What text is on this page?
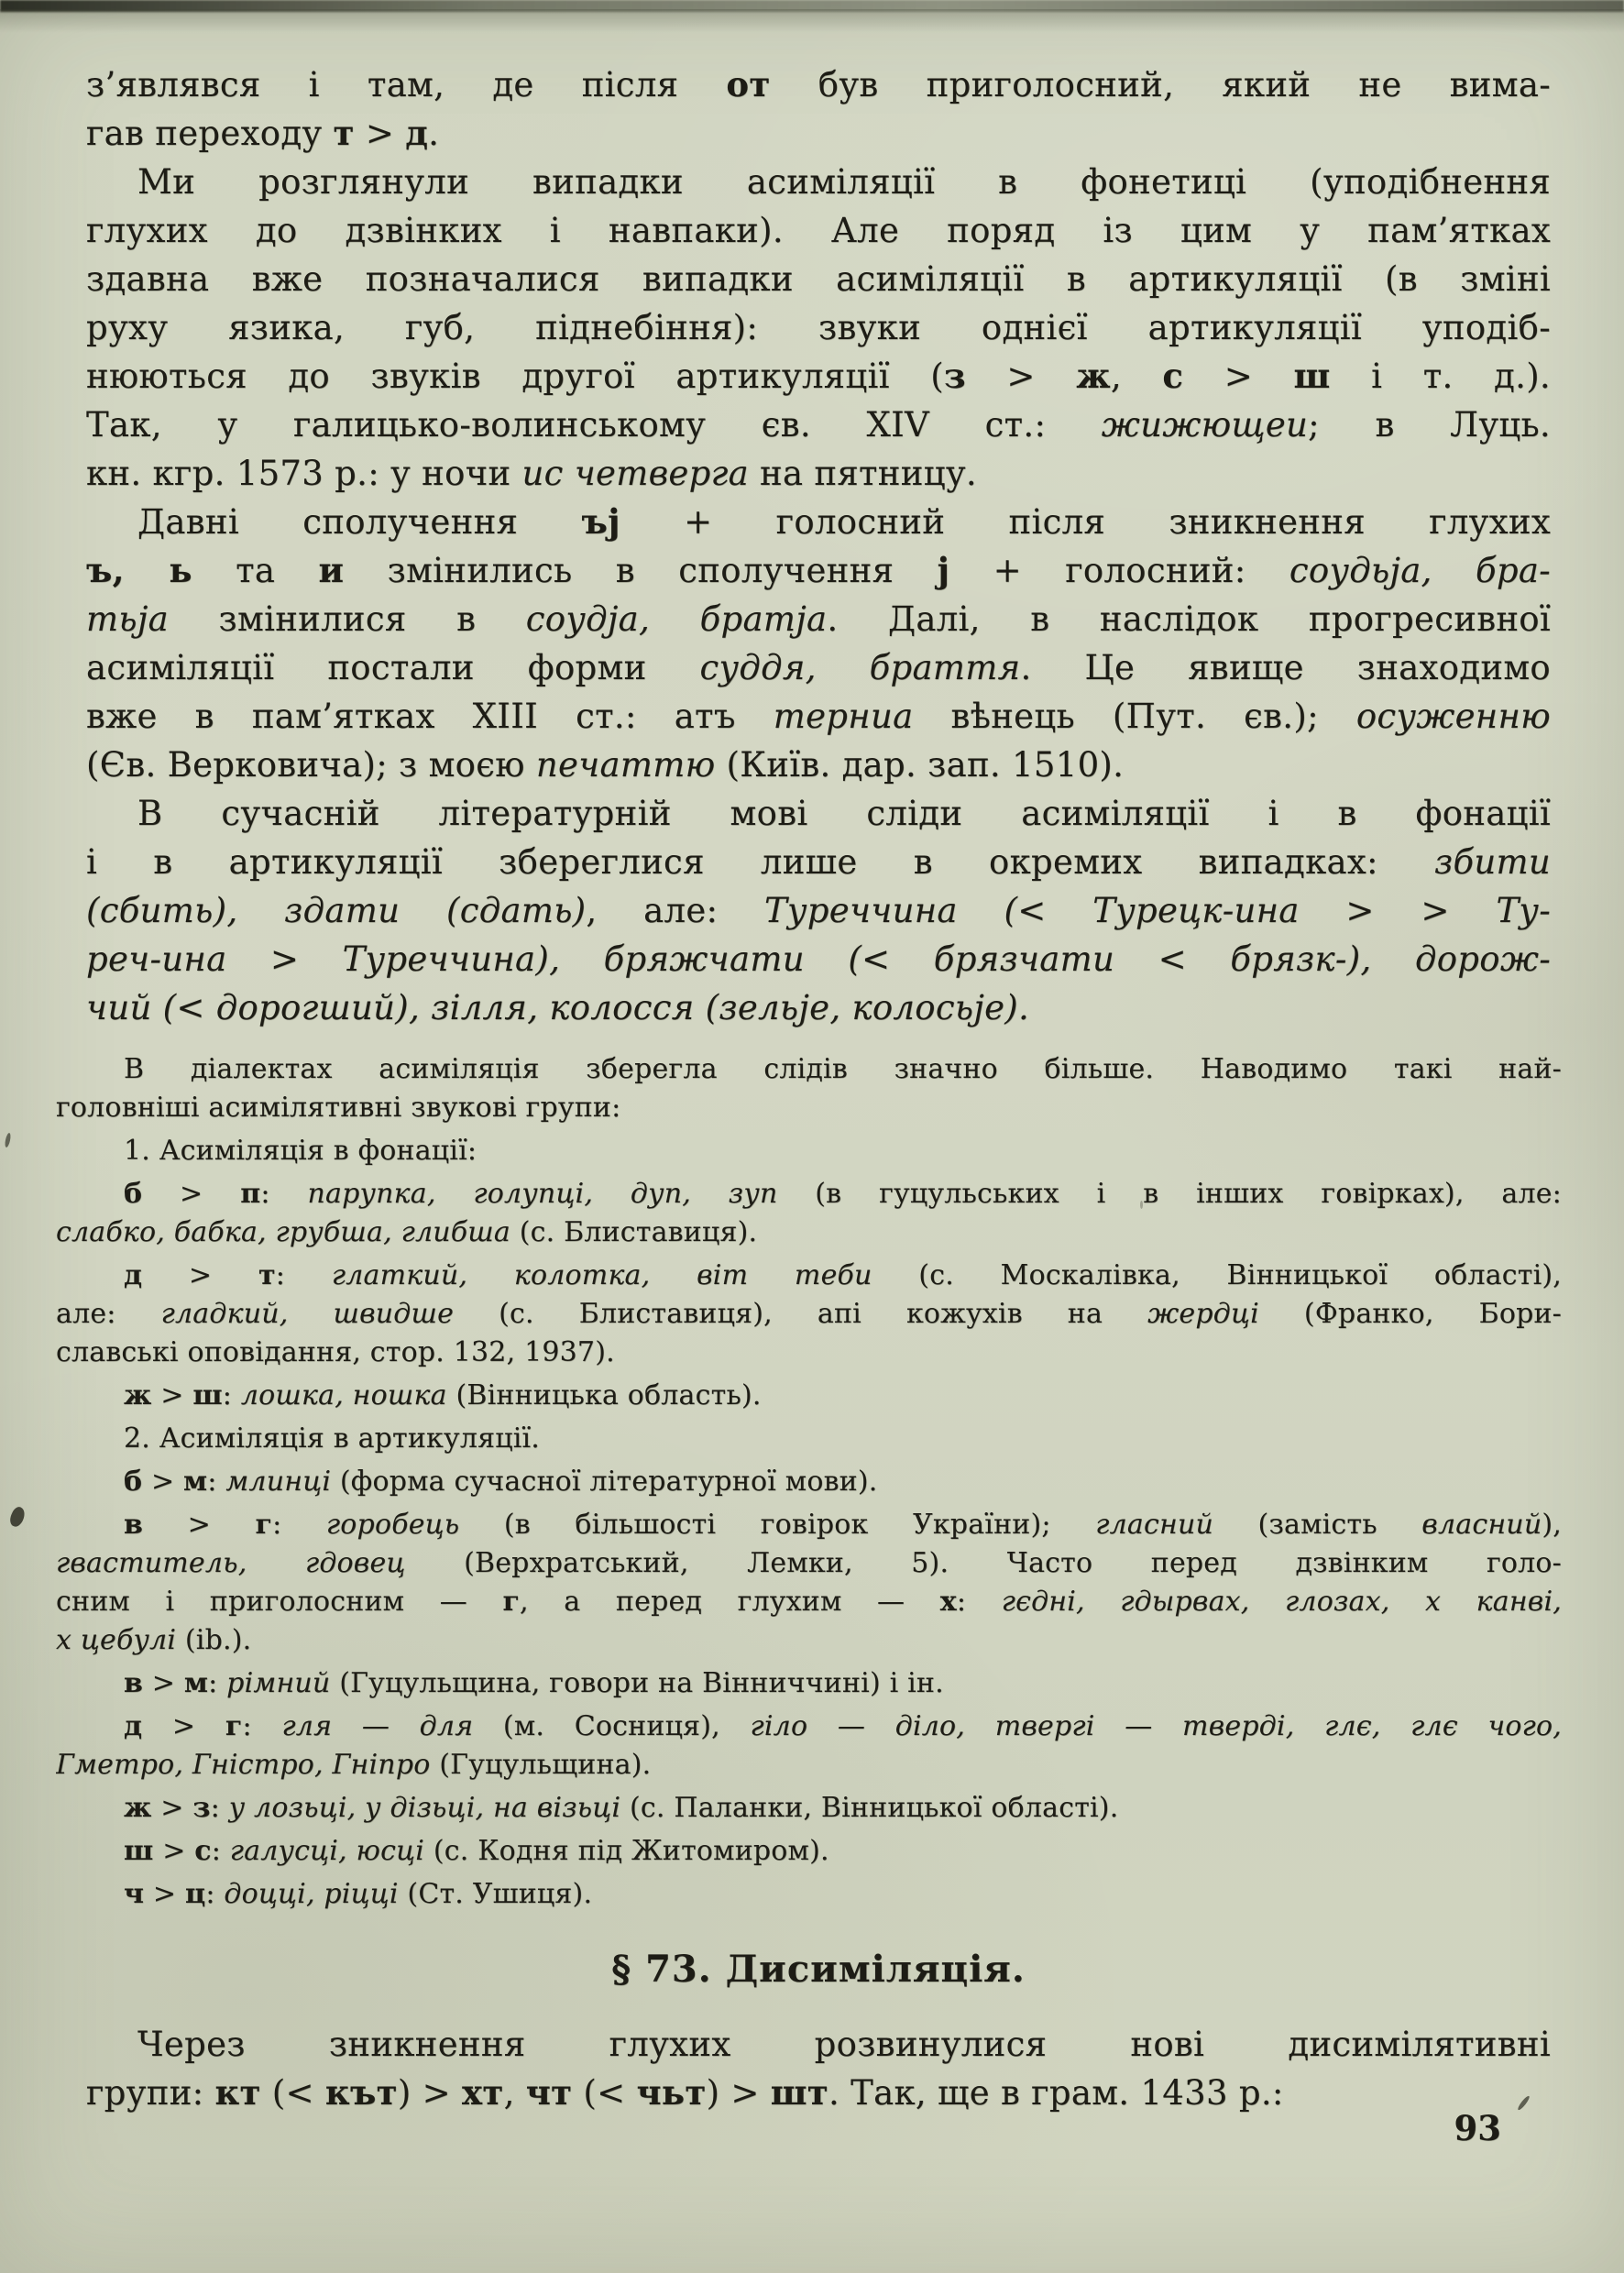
з’являвся і там, де після от був приголосний, який не вима-
гав переходу т > д.
Ми розглянули випадки асиміляції в фонетиці (уподібнення
глухих до дзвінких і навпаки). Але поряд із цим у пам’ятках
здавна вже позначалися випадки асиміляції в артикуляції (в зміні
руху язика, губ, піднебіння): звуки однієї артикуляції уподіб-
нюються до звуків другої артикуляції (з > ж, с > ш і т. д.).
Так, у галицько-волинському єв. XIV ст.: жижющеи; в Луць.
кн. кгр. 1573 р.: у ночи ис четверга на пятницу.
Давні сполучення ъj + голосний після зникнення глухих
ъ, ь та и змінились в сполучення j + голосний: соудьjа, бра-
тьjа змінилися в соудjа, братjа. Далі, в наслідок прогресивної
асиміляції постали форми суддя, браття. Це явище знаходимо
вже в пам’ятках XIII ст.: атъ терниа вѣнець (Пут. єв.); осуженню
(Єв. Верковича); з моєю печаттю (Київ. дар. зап. 1510).
В сучасній літературній мові сліди асиміляції і в фонації
і в артикуляції збереглися лише в окремих випадках: збити
(сбить), здати (сдать), але: Туреччина (< Турецк-ина > > Ту-
реч-ина > Туреччина), бряжчати (< брязчати < брязк-), дорож-
чий (< дорогший), зілля, колосся (зельjе, колосьjе).
В діалектах асиміляція зберегла слідів значно більше. Наводимо такі най-
головніші асимілятивні звукові групи:
1. Асиміляція в фонації:
б > п: парупка, голупці, дуп, зуп (в гуцульських і в інших говірках), але:
слабко, бабка, грубша, глибша (с. Блиставиця).
д > т: глаткий, колотка, віт теби (с. Москалівка, Вінницької області),
але: гладкий, швидше (с. Блиставиця), апі кожухів на жердці (Франко, Бори-
славські оповідання, стор. 132, 1937).
ж > ш: лошка, ношка (Вінницька область).
2. Асиміляція в артикуляції.
б > м: млинці (форма сучасної літературної мови).
в > г: горобець (в більшості говірок України); гласний (замість власний),
гваститель, гдовец (Верхратський, Лемки, 5). Часто перед дзвінким голо-
сним і приголосним — г, а перед глухим — х: гєдні, гдырвах, глозах, х канві,
х цебулі (ib.).
в > м: рімний (Гуцульщина, говори на Вінниччині) і ін.
д > г: гля — для (м. Сосниця), гіло — діло, твергі — тверді, глє, глє чого,
Гметро, Гністро, Гніпро (Гуцульщина).
ж > з: у лозьці, у дізьці, на візьці (с. Паланки, Вінницької області).
ш > с: галусці, юсці (с. Кодня під Житомиром).
ч > ц: доцці, ріцці (Ст. Ушиця).
§ 73. Дисиміляція.
Через зникнення глухих розвинулися нові дисимілятивні
групи: кт (< кът) > хт, чт (< чьт) > шт. Так, ще в грам. 1433 р.:
93
